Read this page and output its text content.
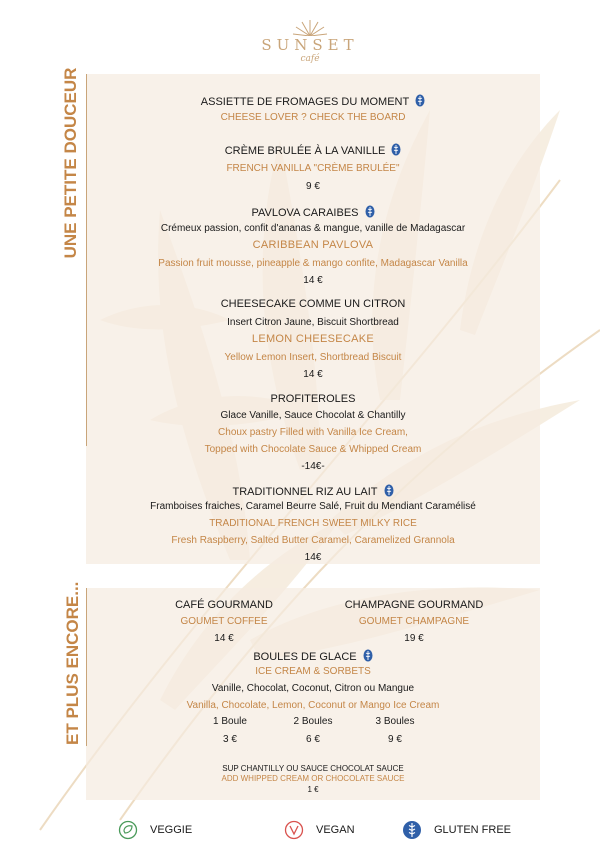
SUNSET
café
UNE PETITE DOUCEUR
ET PLUS ENCORE...
ASSIETTE DE FROMAGES DU MOMENT
CHEESE LOVER ? CHECK THE BOARD
CRÈME BRULÉE À LA VANILLE
FRENCH VANILLA "CRÈME BRULÉE"
9 €
PAVLOVA CARAIBES
Crémeux passion, confit d'ananas & mangue, vanille de Madagascar
CARIBBEAN PAVLOVA
Passion fruit mousse, pineapple & mango confite, Madagascar Vanilla
14 €
CHEESECAKE COMME UN CITRON
Insert Citron Jaune, Biscuit Shortbread
LEMON CHEESECAKE
Yellow Lemon Insert, Shortbread Biscuit
14 €
PROFITEROLES
Glace Vanille, Sauce Chocolat & Chantilly
Choux pastry Filled with Vanilla Ice Cream,
Topped with Chocolate Sauce & Whipped Cream
-14€-
TRADITIONNEL RIZ AU LAIT
Framboises fraiches, Caramel Beurre Salé, Fruit du Mendiant Caramélisé
TRADITIONAL FRENCH SWEET MILKY RICE
Fresh Raspberry, Salted Butter Caramel, Caramelized Grannola
14€
CAFÉ GOURMAND
GOUMET COFFEE
14 €
CHAMPAGNE GOURMAND
GOUMET CHAMPAGNE
19 €
BOULES DE GLACE
ICE CREAM & SORBETS
Vanille, Chocolat, Coconut, Citron ou Mangue
Vanilla, Chocolate, Lemon, Coconut or Mango Ice Cream
1 Boule	2 Boules	3 Boules
3 €	6 €	9 €
SUP CHANTILLY OU SAUCE CHOCOLAT SAUCE
ADD WHIPPED CREAM OR CHOCOLATE SAUCE
1 €
VEGGIE	VEGAN	GLUTEN FREE
